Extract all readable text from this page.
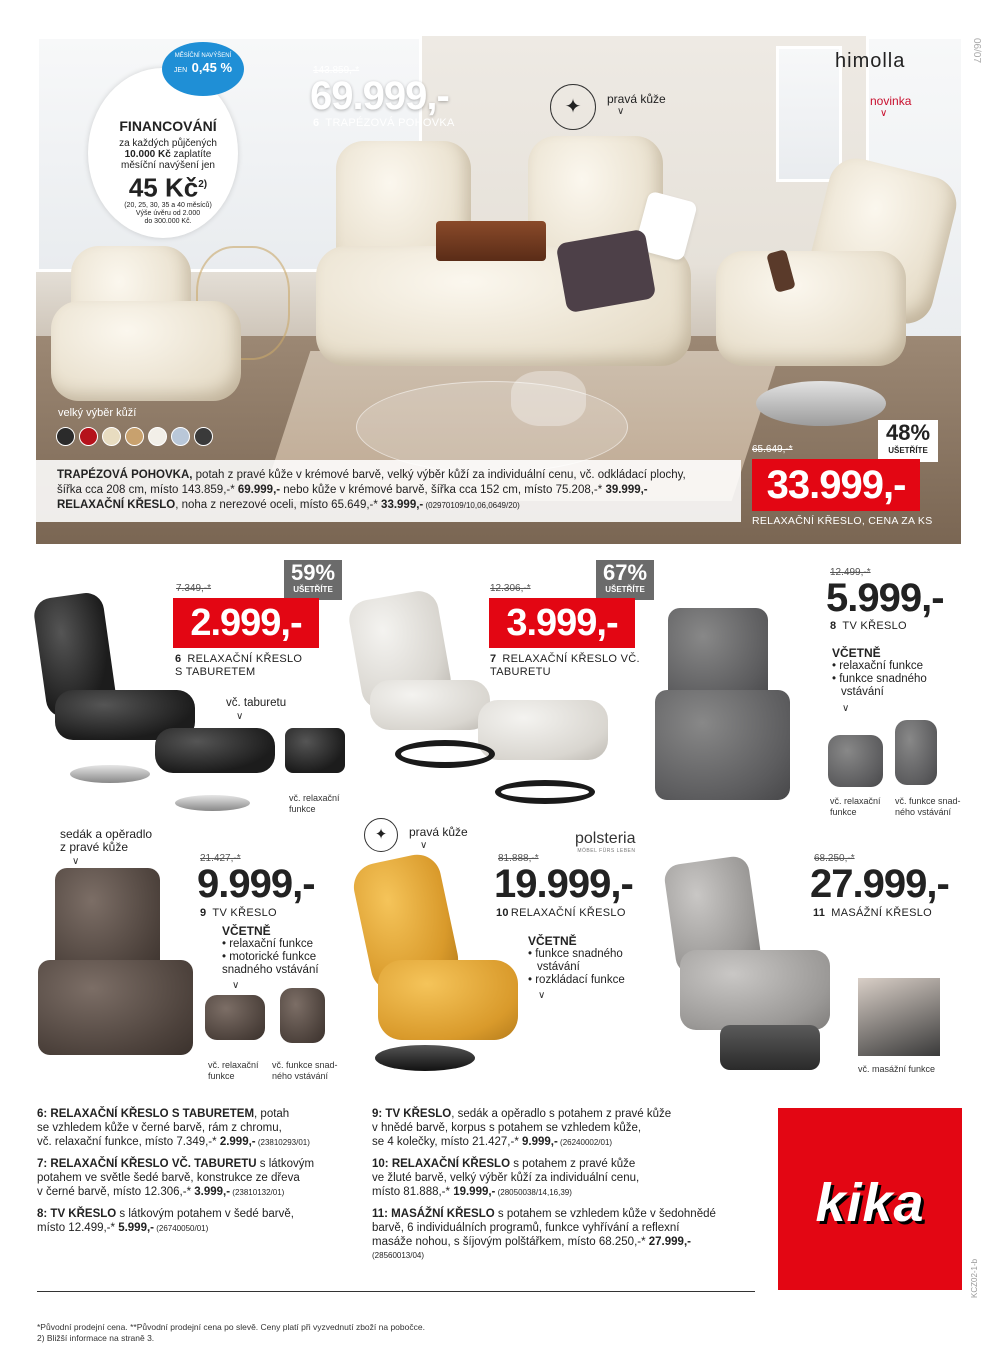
06/07
KCZ02-1-b
MĚSÍČNÍ NAVÝŠENÍ
JEN 0,45 %
FINANCOVÁNÍ
za každých půjčených
10.000 Kč zaplatíte
měsíční navýšení jen
45 $Kč^{2)}$
(20, 25, 30, 35 a 40 měsíců)
Výše úvěru od 2.000
do 300.000 Kč.
143.859,-*
69.999,-
6 TRAPÉZOVÁ POHOVKA
✦	pravá kůže
∨
himolla
novinka
∨
velký výběr kůží
TRAPÉZOVÁ POHOVKA, potah z pravé kůže v krémové barvě, velký výběr kůží za individuální cenu, vč. odkládací plochy,
šířka cca 208 cm, místo 143.859,-* 69.999,- nebo kůže v krémové barvě, šířka cca 152 cm, místo 75.208,-* 39.999,-
RELAXAČNÍ KŘESLO, noha z nerezové oceli, místo 65.649,-* 33.999,- (02970109/10,06,0649/20)
65.649,-*
48%
UŠETŘÍTE
33.999,-
RELAXAČNÍ KŘESLO, CENA ZA KS
vč. relaxační
funkce
7.349,-*
59%
UŠETŘÍTE
2.999,-
6 RELAXAČNÍ KŘESLO
S TABURETEM
vč. taburetu
∨
12.306,-*
67%
UŠETŘÍTE
3.999,-
7 RELAXAČNÍ KŘESLO VČ.
TABURETU
vč. relaxační
funkce
vč. funkce snad-
ného vstávání
12.499,-*
5.999,-
8 TV KŘESLO
VČETNĚ
• relaxační funkce
• funkce snadného
vstávání
∨
sedák a opěradlo
z pravé kůže
∨
vč. relaxační
funkce
vč. funkce snad-
ného vstávání
21.427,-*
9.999,-
9 TV KŘESLO
VČETNĚ
• relaxační funkce
• motorické funkce
snadného vstávání
∨
✦	pravá kůže
∨	polsteria
MÖBEL FÜRS LEBEN
81.888,-*
19.999,-
10 RELAXAČNÍ KŘESLO
VČETNĚ
• funkce snadného
vstávání
• rozkládací funkce
∨
vč. masážní funkce
68.250,-*
27.999,-
11 MASÁŽNÍ KŘESLO
6: RELAXAČNÍ KŘESLO S TABURETEM, potah
se vzhledem kůže v černé barvě, rám z chromu,
vč. relaxační funkce, místo 7.349,-* 2.999,- (23810293/01)
7: RELAXAČNÍ KŘESLO VČ. TABURETU s látkovým
potahem ve světle šedé barvě, konstrukce ze dřeva
v černé barvě, místo 12.306,-* 3.999,- (23810132/01)
8: TV KŘESLO s látkovým potahem v šedé barvě,
místo 12.499,-* 5.999,- (26740050/01)
9: TV KŘESLO, sedák a opěradlo s potahem z pravé kůže
v hnědé barvě, korpus s potahem se vzhledem kůže,
se 4 kolečky, místo 21.427,-* 9.999,- (26240002/01)
10: RELAXAČNÍ KŘESLO s potahem z pravé kůže
ve žluté barvě, velký výběr kůží za individuální cenu,
místo 81.888,-* 19.999,- (28050038/14,16,39)
11: MASÁŽNÍ KŘESLO s potahem se vzhledem kůže v šedohnědé
barvě, 6 individuálních programů, funkce vyhřívání a reflexní
masáže nohou, s šíjovým polštářkem, místo 68.250,-* 27.999,-
(28560013/04)
kika
*Původní prodejní cena. **Původní prodejní cena po slevě. Ceny platí při vyzvednutí zboží na pobočce.
2) Bližší informace na straně 3.
